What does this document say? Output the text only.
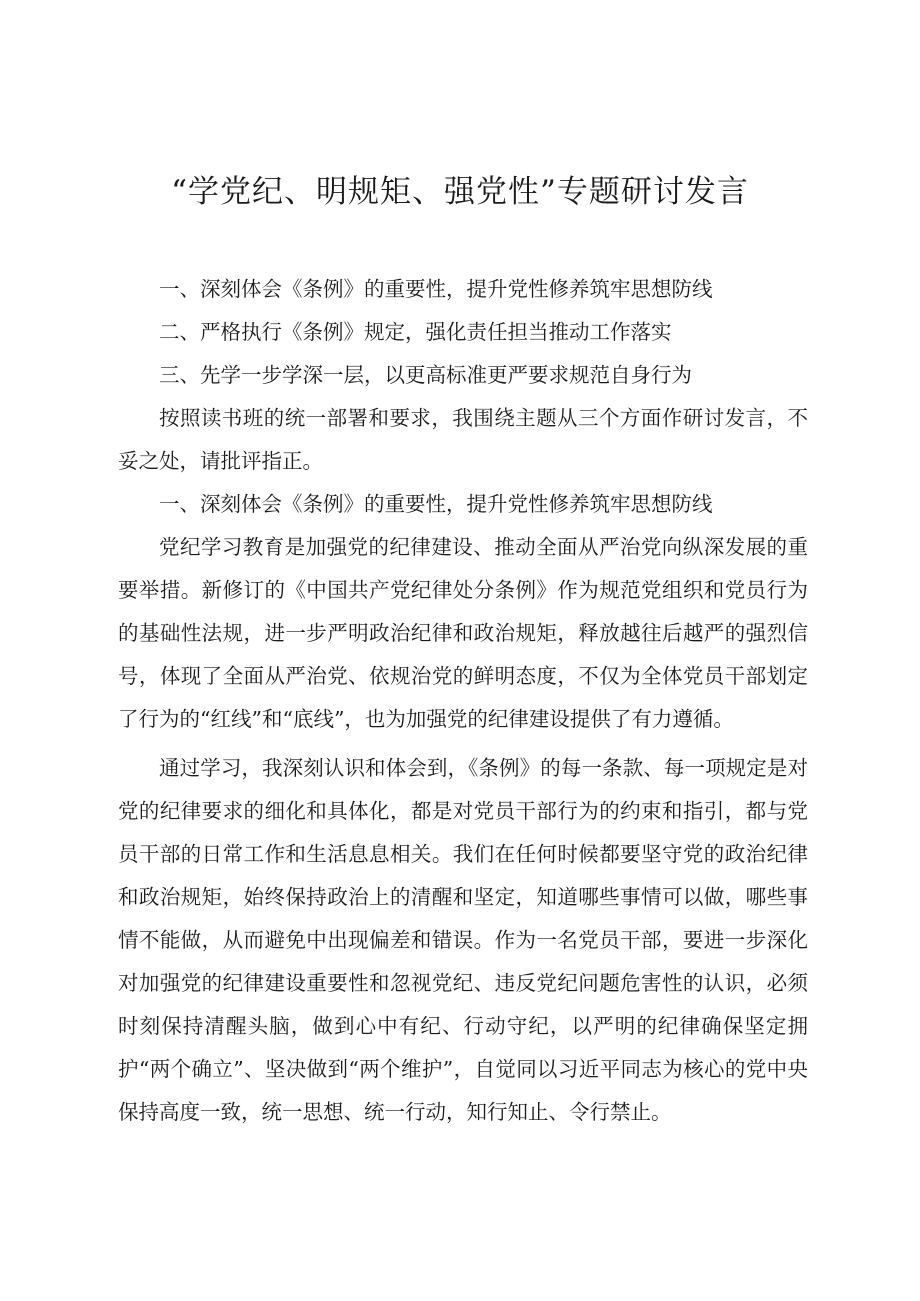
“学党纪、明规矩、强党性”专题研讨发言

一、深刻体会《条例》的重要性，提升党性修养筑牢思想防线

二、严格执行《条例》规定，强化责任担当推动工作落实

三、先学一步学深一层，以更高标准更严要求规范自身行为

按照读书班的统一部署和要求，我围绕主题从三个方面作研讨发言，不妥之处，请批评指正。

一、深刻体会《条例》的重要性，提升党性修养筑牢思想防线

党纪学习教育是加强党的纪律建设、推动全面从严治党向纵深发展的重要举措。新修订的《中国共产党纪律处分条例》作为规范党组织和党员行为的基础性法规，进一步严明政治纪律和政治规矩，释放越往后越严的强烈信号，体现了全面从严治党、依规治党的鲜明态度，不仅为全体党员干部划定了行为的“红线”和“底线”，也为加强党的纪律建设提供了有力遵循。

通过学习，我深刻认识和体会到，《条例》的每一条款、每一项规定是对党的纪律要求的细化和具体化，都是对党员干部行为的约束和指引，都与党员干部的日常工作和生活息息相关。我们在任何时候都要坚守党的政治纪律和政治规矩，始终保持政治上的清醒和坚定，知道哪些事情可以做，哪些事情不能做，从而避免中出现偏差和错误。作为一名党员干部，要进一步深化对加强党的纪律建设重要性和忽视党纪、违反党纪问题危害性的认识，必须时刻保持清醒头脑，做到心中有纪、行动守纪，以严明的纪律确保坚定拥护“两个确立”、坚决做到“两个维护”，自觉同以习近平同志为核心的党中央保持高度一致，统一思想、统一行动，知行知止、令行禁止。
